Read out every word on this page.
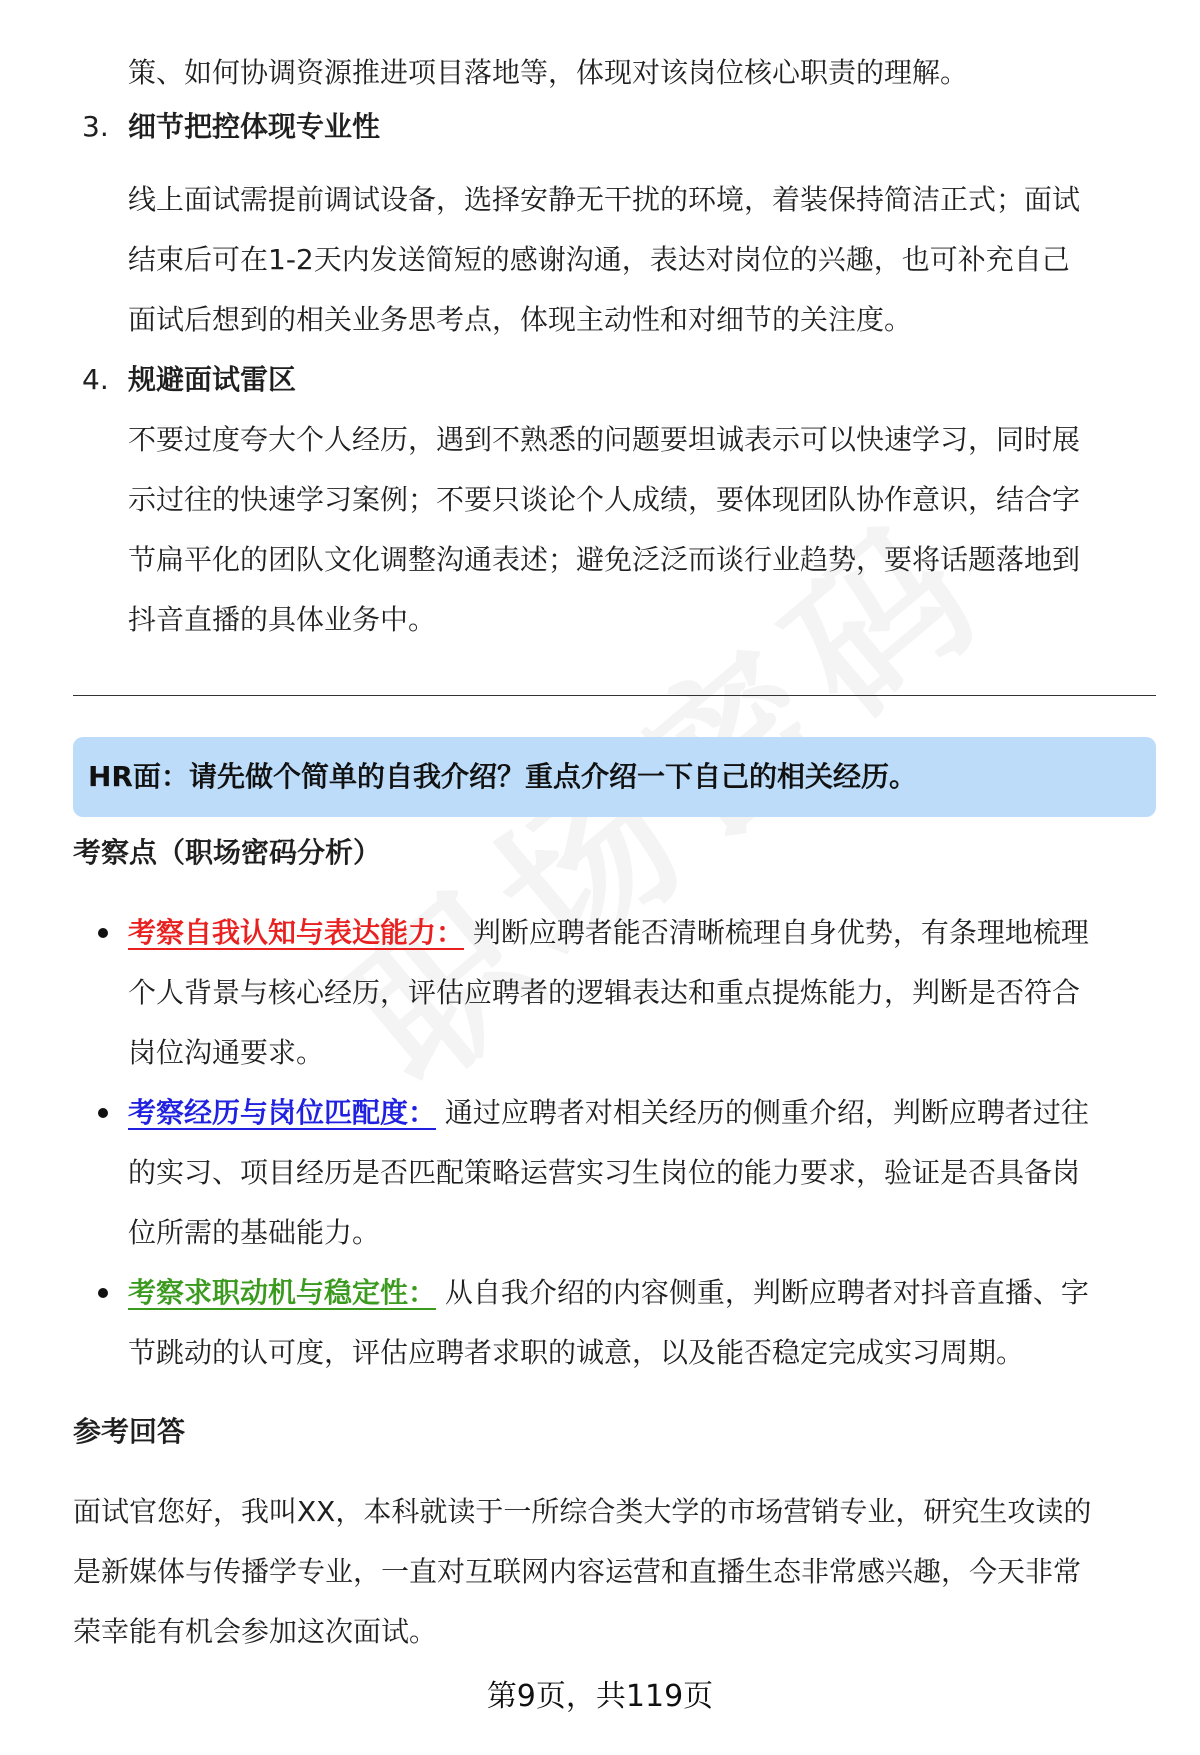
策、如何协调资源推进项目落地等，体现对该岗位核心职责的理解。
3. 细节把控体现专业性
线上面试需提前调试设备，选择安静无干扰的环境，着装保持简洁正式；面试
结束后可在1-2天内发送简短的感谢沟通，表达对岗位的兴趣，也可补充自己
面试后想到的相关业务思考点，体现主动性和对细节的关注度。
4. 规避面试雷区
不要过度夸大个人经历，遇到不熟悉的问题要坦诚表示可以快速学习，同时展
示过往的快速学习案例；不要只谈论个人成绩，要体现团队协作意识，结合字
节扁平化的团队文化调整沟通表述；避免泛泛而谈行业趋势，要将话题落地到
抖音直播的具体业务中。
HR面：请先做个简单的自我介绍？重点介绍一下自己的相关经历。
考察点（职场密码分析）
考察自我认知与表达能力： 判断应聘者能否清晰梳理自身优势，有条理地梳理
个人背景与核心经历，评估应聘者的逻辑表达和重点提炼能力，判断是否符合
岗位沟通要求。
考察经历与岗位匹配度： 通过应聘者对相关经历的侧重介绍，判断应聘者过往
的实习、项目经历是否匹配策略运营实习生岗位的能力要求，验证是否具备岗
位所需的基础能力。
考察求职动机与稳定性： 从自我介绍的内容侧重，判断应聘者对抖音直播、字
节跳动的认可度，评估应聘者求职的诚意，以及能否稳定完成实习周期。
参考回答
面试官您好，我叫XX，本科就读于一所综合类大学的市场营销专业，研究生攻读的
是新媒体与传播学专业，一直对互联网内容运营和直播生态非常感兴趣，今天非常
荣幸能有机会参加这次面试。
第9页，共119页
